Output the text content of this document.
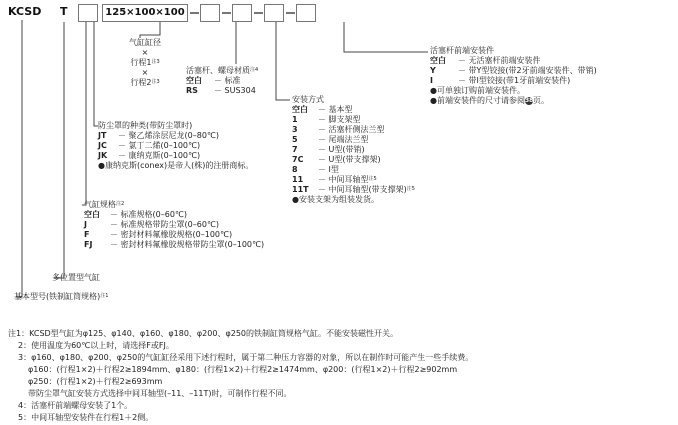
KCSD T	125×100×100
气缸缸径
×
行程$1^{注3}$
×
行程2$^{注3}$
活塞杆、螺母材质$^{注4}$
空白 － 标准
RS － SUS304
活塞杆前端安装件
空白 － 无活塞杆前端安装件
Y	－ 带Y型铰接(带2牙前端安装件、带销)
I	－ 带I型铰接(带1牙前端安装件)
●可单独订购前端安装件。
●前端安装件的尺寸请参阅38页。
防尘罩的种类(带防尘罩时)
JT － 聚乙烯涂层尼龙(0–80℃)
JC － 氯丁二烯(0–100℃)
JK － 康纳克斯(0–100℃)
●康纳克斯(conex)是帝人(株)的注册商标。
安装方式
空白 － 基本型
1	－ 脚支架型
3	－ 活塞杆侧法兰型
5	－ 尾端法兰型
7	－ U型(带销)
7C － U型(带支撑架)
8	－ I型
11 － 中间耳轴型$^{注5}$
11T － 中间耳轴型(带支撑架)$^{注5}$
●安装支架为组装发货。
气缸规格$^{注2}$
空白 － 标准规格(0–60℃)
J	－ 标准规格带防尘罩(0–60℃)
F	－ 密封材料氟橡胶规格(0–100℃)
FJ － 密封材料氟橡胶规格带防尘罩(0–100℃)
多位置型气缸
基本型号(铁制缸筒规格)$^{注1}$
注1：KCSD型气缸为φ125、φ140、φ160、φ180、φ200、φ250的铁制缸筒规格气缸。不能安装磁性开关。
2：使用温度为60℃以上时，请选择F或FJ。
3：φ160、φ180、φ200、φ250的气缸缸径采用下述行程时，属于第二种压力容器的对象，所以在制作时可能产生一些手续费。
φ160：(行程1×2)＋行程2≥1894mm、φ180：(行程1×2)＋行程2≥1474mm、φ200：(行程1×2)＋行程2≥902mm
φ250：(行程1×2)＋行程2≥693mm
带防尘罩气缸安装方式选择中间耳轴型(–11、–11T)时，可制作行程不同。
4：活塞杆前端螺母安装了1个。
5：中间耳轴型安装件在行程1＋2侧。
